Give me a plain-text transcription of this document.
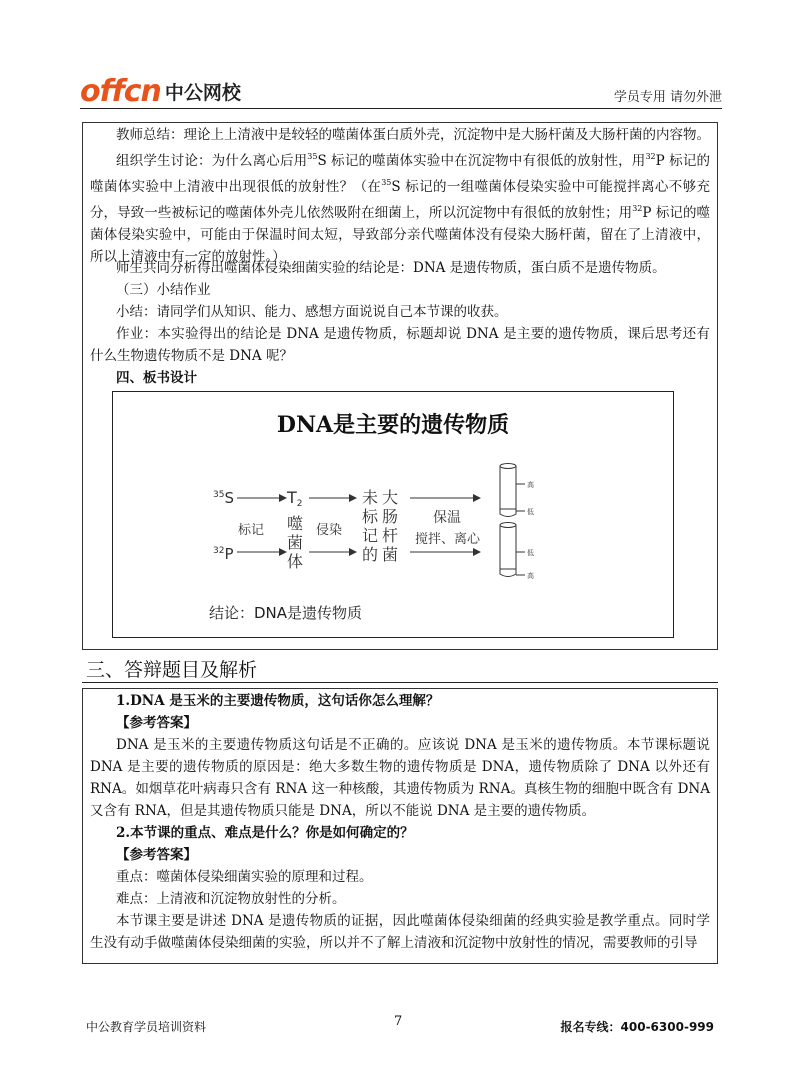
offcn 中公网校	学员专用 请勿外泄
教师总结：理论上上清液中是较轻的噬菌体蛋白质外壳，沉淀物中是大肠杆菌及大肠杆菌的内容物。
组织学生讨论：为什么离心后用$^{35}$S 标记的噬菌体实验中在沉淀物中有很低的放射性，用$^{32}$P 标记的噬菌体实验中上清液中出现很低的放射性？（在$^{35}$S 标记的一组噬菌体侵染实验中可能搅拌离心不够充分，导致一些被标记的噬菌体外壳儿依然吸附在细菌上，所以沉淀物中有很低的放射性；用$^{32}$P 标记的噬菌体侵染实验中，可能由于保温时间太短，导致部分亲代噬菌体没有侵染大肠杆菌，留在了上清液中，所以上清液中有一定的放射性。）
师生共同分析得出噬菌体侵染细菌实验的结论是：DNA 是遗传物质，蛋白质不是遗传物质。
（三）小结作业
小结：请同学们从知识、能力、感想方面说说自己本节课的收获。
作业：本实验得出的结论是 DNA 是遗传物质，标题却说 DNA 是主要的遗传物质，课后思考还有什么生物遗传物质不是 DNA 呢？
四、板书设计
DNA是主要的遗传物质
$^{35}$S
$^{32}$P
标记
T2
噬
菌
体
侵染
未
标
记
的
大
肠
杆
菌
保温
搅拌、离心
高
低
低
高
结论：DNA是遗传物质
三、答辩题目及解析
1.DNA 是玉米的主要遗传物质，这句话你怎么理解？
【参考答案】
DNA 是玉米的主要遗传物质这句话是不正确的。应该说 DNA 是玉米的遗传物质。本节课标题说 DNA 是主要的遗传物质的原因是：绝大多数生物的遗传物质是 DNA，遗传物质除了 DNA 以外还有 RNA。如烟草花叶病毒只含有 RNA 这一种核酸，其遗传物质为 RNA。真核生物的细胞中既含有 DNA 又含有 RNA，但是其遗传物质只能是 DNA，所以不能说 DNA 是主要的遗传物质。
2.本节课的重点、难点是什么？你是如何确定的？
【参考答案】
重点：噬菌体侵染细菌实验的原理和过程。
难点：上清液和沉淀物放射性的分析。
本节课主要是讲述 DNA 是遗传物质的证据，因此噬菌体侵染细菌的经典实验是教学重点。同时学生没有动手做噬菌体侵染细菌的实验，所以并不了解上清液和沉淀物中放射性的情况，需要教师的引导
中公教育学员培训资料	7	报名专线：400-6300-999
